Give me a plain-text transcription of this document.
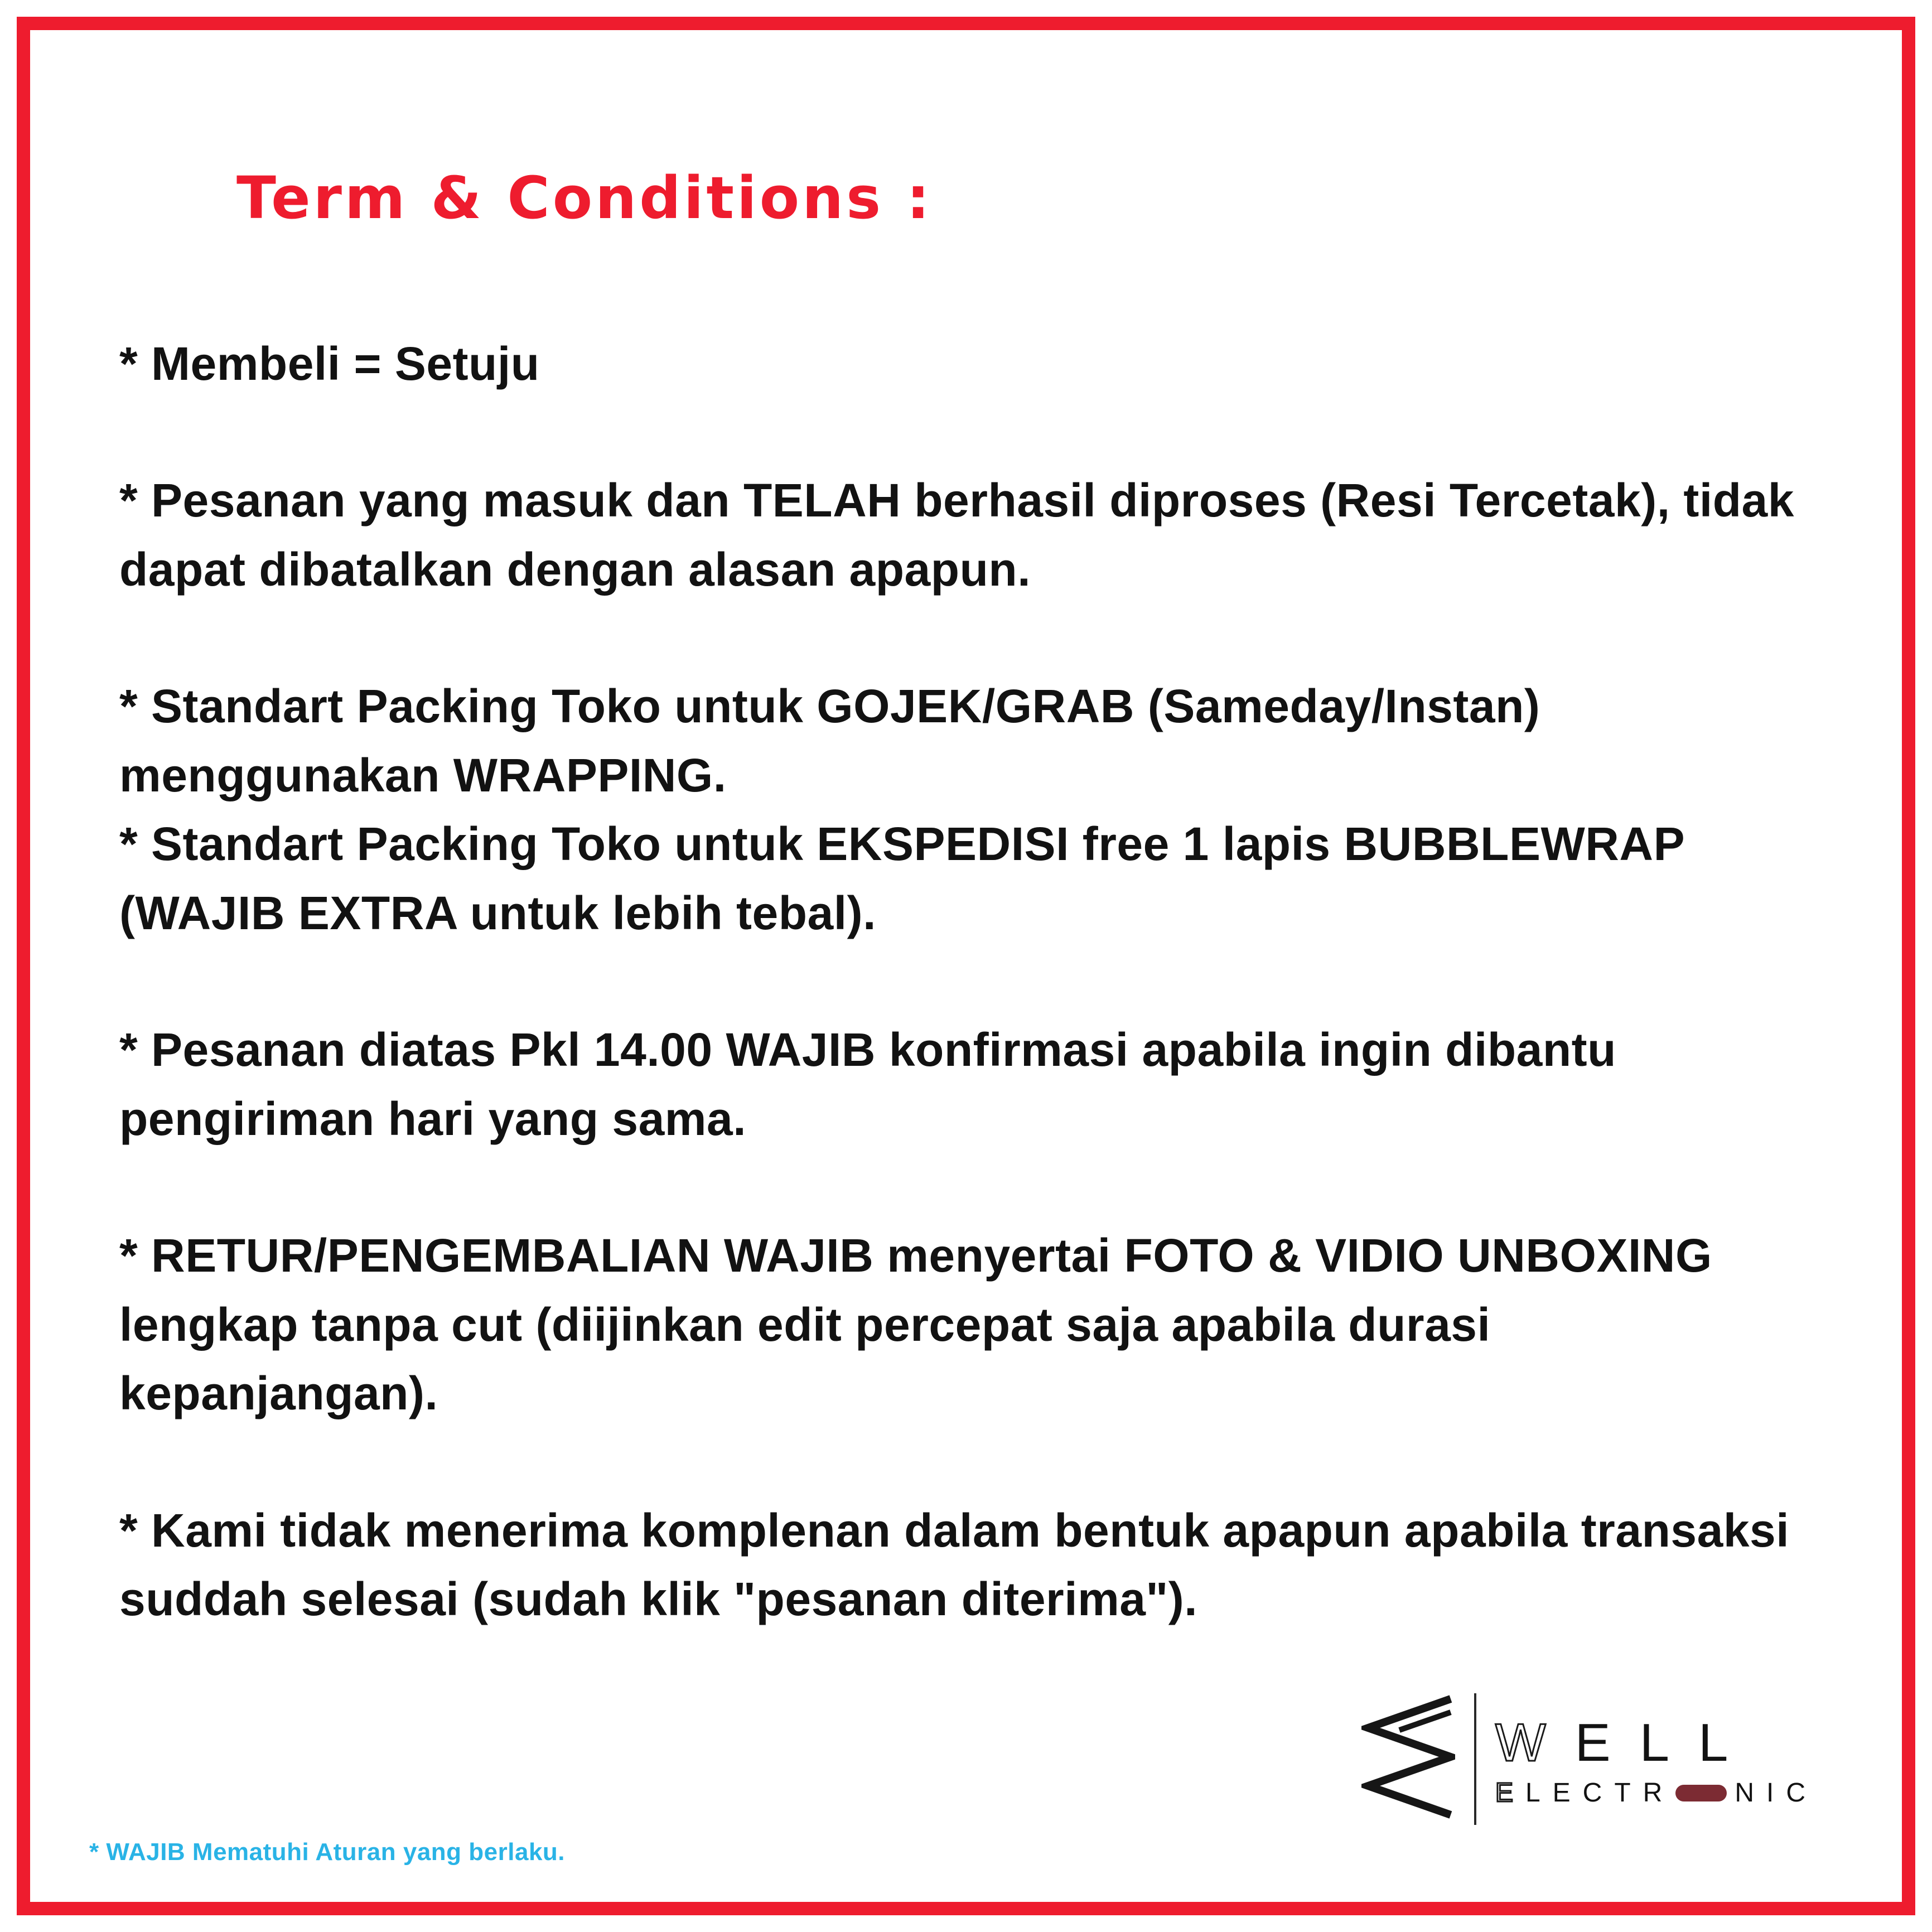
Term & Conditions :

* Membeli = Setuju

* Pesanan yang masuk dan TELAH berhasil diproses (Resi Tercetak), tidak dapat dibatalkan dengan alasan apapun.

* Standart Packing Toko untuk GOJEK/GRAB (Sameday/Instan) menggunakan WRAPPING.

* Standart Packing Toko untuk EKSPEDISI free 1 lapis BUBBLEWRAP (WAJIB EXTRA untuk lebih tebal).

* Pesanan diatas Pkl 14.00 WAJIB konfirmasi apabila ingin dibantu pengiriman hari yang sama.

* RETUR/PENGEMBALIAN WAJIB menyertai FOTO & VIDIO UNBOXING lengkap tanpa cut (diijinkan edit percepat saja apabila durasi kepanjangan).

* Kami tidak menerima komplenan dalam bentuk apapun apabila transaksi suddah selesai (sudah klik "pesanan diterima").

* WAJIB Mematuhi Aturan yang berlaku.
WELL
E LECTR NIC
